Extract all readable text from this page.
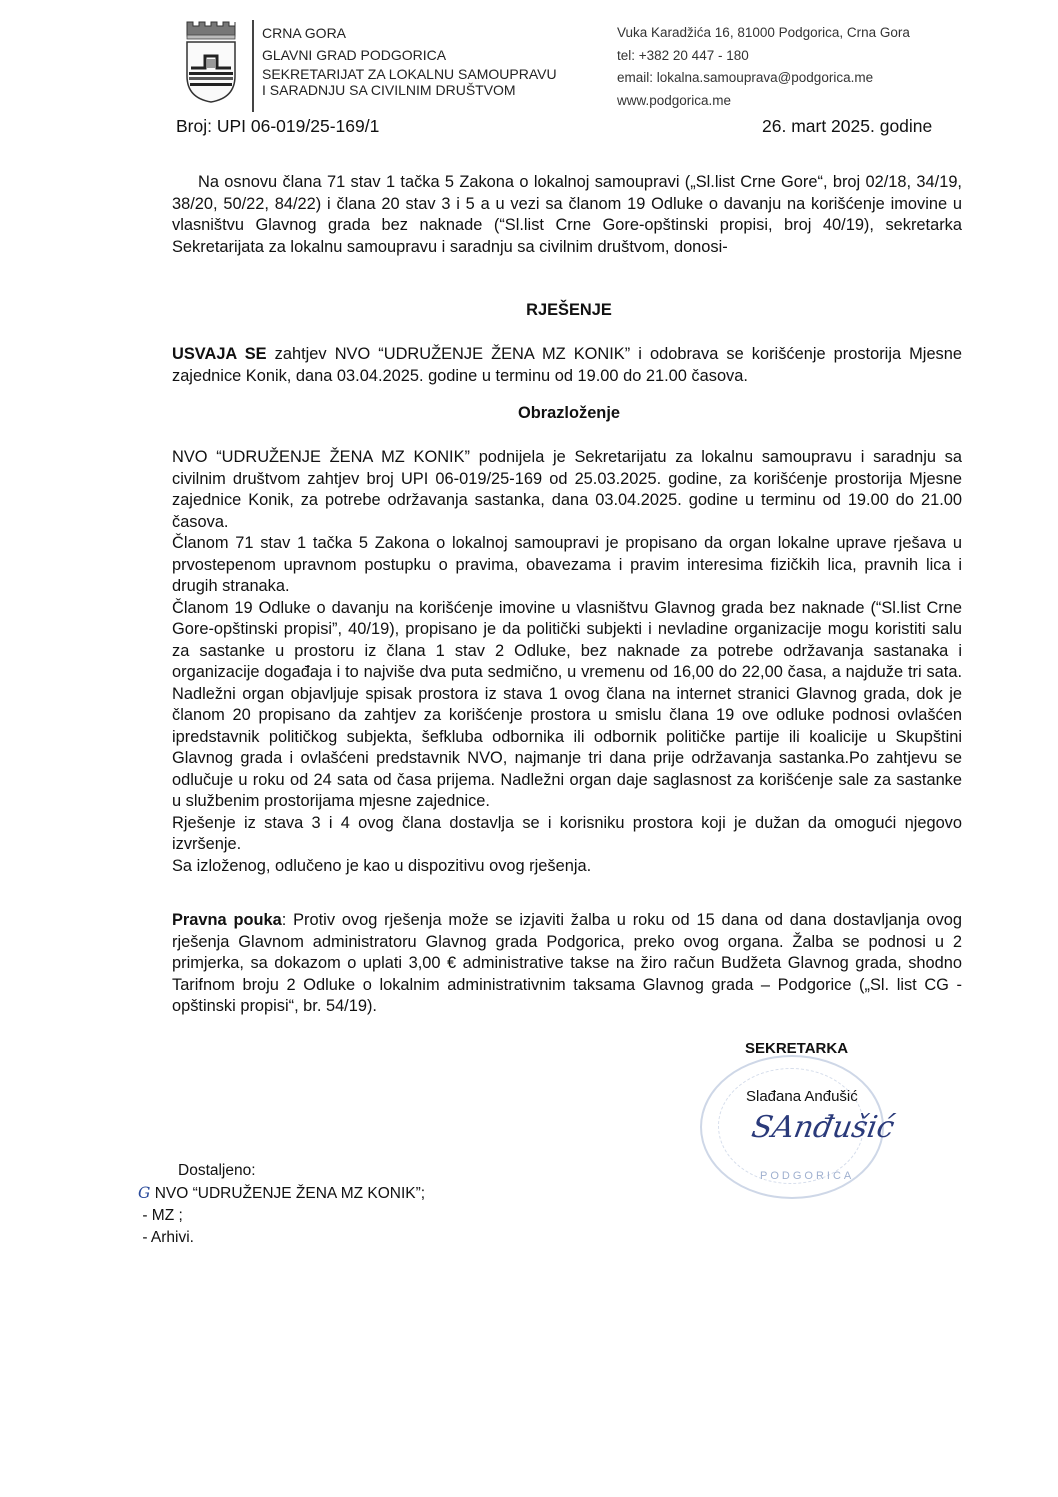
CRNA GORA
GLAVNI GRAD PODGORICA
SEKRETARIJAT ZA LOKALNU SAMOUPRAVU
I SARADNJU SA CIVILNIM DRUŠTVOM
Vuka Karadžića 16, 81000 Podgorica, Crna Gora
tel: +382 20 447 - 180
email: lokalna.samouprava@podgorica.me
www.podgorica.me
Broj: UPI 06-019/25-169/1	26. mart 2025. godine
Na osnovu člana 71 stav 1 tačka 5 Zakona o lokalnoj samoupravi („Sl.list Crne Gore“, broj 02/18, 34/19, 38/20, 50/22, 84/22) i člana 20 stav 3 i 5 a u vezi sa članom 19 Odluke o davanju na korišćenje imovine u vlasništvu Glavnog grada bez naknade (“Sl.list Crne Gore-opštinski propisi, broj 40/19), sekretarka Sekretarijata za lokalnu samoupravu i saradnju sa civilnim društvom, donosi-
RJEŠENJE
USVAJA SE zahtjev NVO “UDRUŽENJE ŽENA MZ KONIK” i odobrava se korišćenje prostorija Mjesne zajednice Konik, dana 03.04.2025. godine u terminu od 19.00 do 21.00 časova.
Obrazloženje

NVO “UDRUŽENJE ŽENA MZ KONIK” podnijela je Sekretarijatu za lokalnu samoupravu i saradnju sa civilnim društvom zahtjev broj UPI 06-019/25-169 od 25.03.2025. godine, za korišćenje prostorija Mjesne zajednice Konik, za potrebe održavanja sastanka, dana 03.04.2025. godine u terminu od 19.00 do 21.00 časova.

Članom 71 stav 1 tačka 5 Zakona o lokalnoj samoupravi je propisano da organ lokalne uprave rješava u prvostepenom upravnom postupku o pravima, obavezama i pravim interesima fizičkih lica, pravnih lica i drugih stranaka.

Članom 19 Odluke o davanju na korišćenje imovine u vlasništvu Glavnog grada bez naknade (“Sl.list Crne Gore-opštinski propisi”, 40/19), propisano je da politički subjekti i nevladine organizacije mogu koristiti salu za sastanke u prostoru iz člana 1 stav 2 Odluke, bez naknade za potrebe održavanja sastanaka i organizacije događaja i to najviše dva puta sedmično, u vremenu od 16,00 do 22,00 časa, a najduže tri sata. Nadležni organ objavljuje spisak prostora iz stava 1 ovog člana na internet stranici Glavnog grada, dok je članom 20 propisano da zahtjev za korišćenje prostora u smislu člana 19 ove odluke podnosi ovlašćen ipredstavnik političkog subjekta, šefkluba odbornika ili odbornik političke partije ili koalicije u Skupštini Glavnog grada i ovlašćeni predstavnik NVO, najmanje tri dana prije održavanja sastanka.Po zahtjevu se odlučuje u roku od 24 sata od časa prijema. Nadležni organ daje saglasnost za korišćenje sale za sastanke u službenim prostorijama mjesne zajednice.

Rješenje iz stava 3 i 4 ovog člana dostavlja se i korisniku prostora koji je dužan da omogući njegovo izvršenje.

Sa izloženog, odlučeno je kao u dispozitivu ovog rješenja.

Pravna pouka: Protiv ovog rješenja može se izjaviti žalba u roku od 15 dana od dana dostavljanja ovog rješenja Glavnom administratoru Glavnog grada Podgorica, preko ovog organa. Žalba se podnosi u 2 primjerka, sa dokazom o uplati 3,00 € administrative takse na žiro račun Budžeta Glavnog grada, shodno Tarifnom broju 2 Odluke o lokalnim administrativnim taksama Glavnog grada – Podgorice („Sl. list CG - opštinski propisi“, br. 54/19).
PODGORICA
SEKRETARKA
Slađana Anđušić
SAnđušić
Dostaljeno:
G NVO “UDRUŽENJE ŽENA MZ KONIK”;
- MZ ;
- Arhivi.
